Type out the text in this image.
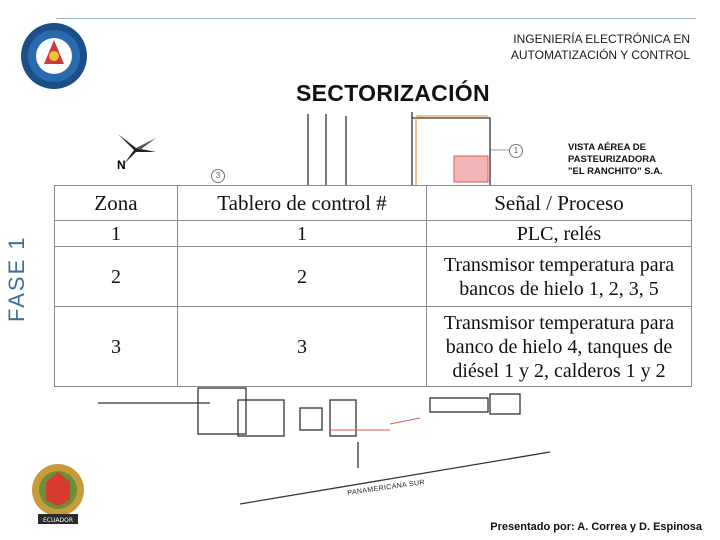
INGENIERÍA ELECTRÓNICA EN
AUTOMATIZACIÓN Y CONTROL
SECTORIZACIÓN
FASE 1
N
3
1	VISTA AÉREA DE
PASTEURIZADORA
"EL RANCHITO" S.A.
PANAMERICANA SUR
Zona	Tablero de control #	Señal / Proceso
1	1	PLC, relés

2	2	Transmisor temperatura para
bancos de hielo 1, 2, 3, 5

3	3	Transmisor temperatura para
banco de hielo 4, tanques de
diésel 1 y 2, calderos 1 y 2
ECUADOR
Presentado por: A. Correa y D. Espinosa
